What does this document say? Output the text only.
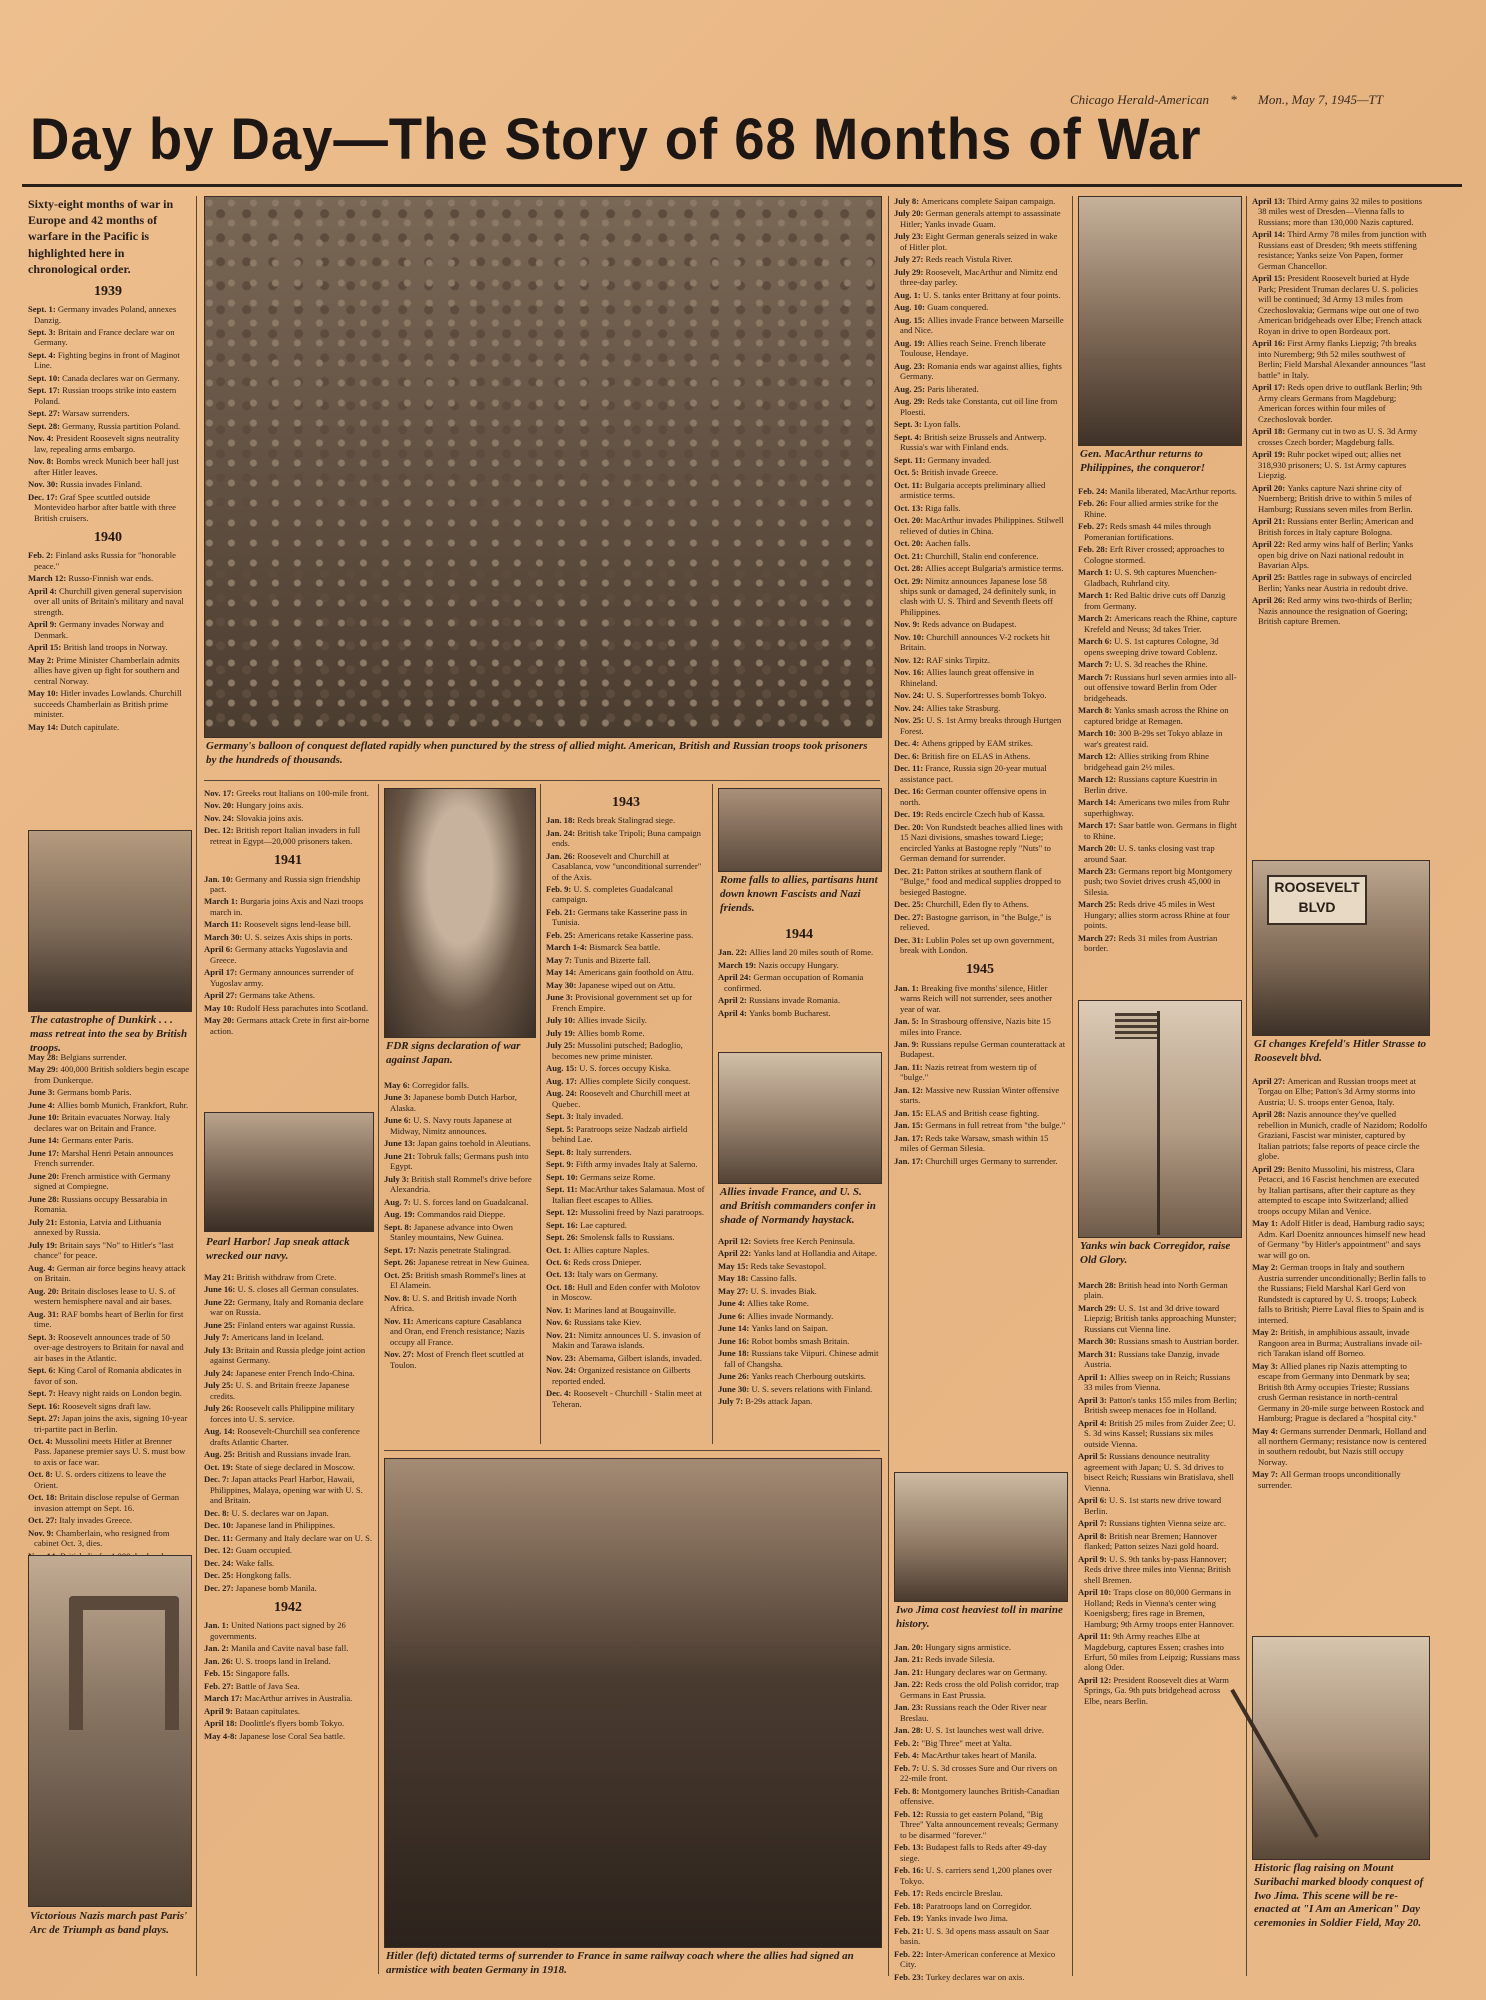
Chicago Herald-American * Mon., May 7, 1945—TT
Day by Day—The Story of 68 Months of War
Sixty-eight months of war in Europe and 42 months of warfare in the Pacific is highlighted here in chronological order.
1939

Sept. 1: Germany invades Poland, annexes Danzig.

Sept. 3: Britain and France declare war on Germany.

Sept. 4: Fighting begins in front of Maginot Line.

Sept. 10: Canada declares war on Germany.

Sept. 17: Russian troops strike into eastern Poland.

Sept. 27: Warsaw surrenders.

Sept. 28: Germany, Russia partition Poland.

Nov. 4: President Roosevelt signs neutrality law, repealing arms embargo.

Nov. 8: Bombs wreck Munich beer hall just after Hitler leaves.

Nov. 30: Russia invades Finland.

Dec. 17: Graf Spee scuttled outside Montevideo harbor after battle with three British cruisers.

1940

Feb. 2: Finland asks Russia for "honorable peace."

March 12: Russo-Finnish war ends.

April 4: Churchill given general supervision over all units of Britain's military and naval strength.

April 9: Germany invades Norway and Denmark.

April 15: British land troops in Norway.

May 2: Prime Minister Chamberlain admits allies have given up fight for southern and central Norway.

May 10: Hitler invades Lowlands. Churchill succeeds Chamberlain as British prime minister.

May 14: Dutch capitulate.

The catastrophe of Dunkirk . . . mass retreat into the sea by British troops.

May 28: Belgians surrender.

May 29: 400,000 British soldiers begin escape from Dunkerque.

June 3: Germans bomb Paris.

June 4: Allies bomb Munich, Frankfort, Ruhr.

June 10: Britain evacuates Norway. Italy declares war on Britain and France.

June 14: Germans enter Paris.

June 17: Marshal Henri Petain announces French surrender.

June 20: French armistice with Germany signed at Compiegne.

June 28: Russians occupy Bessarabia in Romania.

July 21: Estonia, Latvia and Lithuania annexed by Russia.

July 19: Britain says "No" to Hitler's "last chance" for peace.

Aug. 4: German air force begins heavy attack on Britain.

Aug. 20: Britain discloses lease to U. S. of western hemisphere naval and air bases.

Aug. 31: RAF bombs heart of Berlin for first time.

Sept. 3: Roosevelt announces trade of 50 over-age destroyers to Britain for naval and air bases in the Atlantic.

Sept. 6: King Carol of Romania abdicates in favor of son.

Sept. 7: Heavy night raids on London begin.

Sept. 16: Roosevelt signs draft law.

Sept. 27: Japan joins the axis, signing 10-year tri-partite pact in Berlin.

Oct. 4: Mussolini meets Hitler at Brenner Pass. Japanese premier says U. S. must bow to axis or face war.

Oct. 8: U. S. orders citizens to leave the Orient.

Oct. 18: Britain disclose repulse of German invasion attempt on Sept. 16.

Oct. 27: Italy invades Greece.

Nov. 9: Chamberlain, who resigned from cabinet Oct. 3, dies.

Victorious Nazis march past Paris' Arc de Triumph as band plays.
Germany's balloon of conquest deflated rapidly when punctured by the stress of allied might. American, British and Russian troops took prisoners by the hundreds of thousands.

Nov. 17: Greeks rout Italians on 100-mile front.

Nov. 20: Hungary joins axis.

Nov. 24: Slovakia joins axis.

Dec. 12: British report Italian invaders in full retreat in Egypt—20,000 prisoners taken.

1941

Jan. 10: Germany and Russia sign friendship pact.

March 1: Burgaria joins Axis and Nazi troops march in.

March 11: Roosevelt signs lend-lease bill.

March 30: U. S. seizes Axis ships in ports.

April 6: Germany attacks Yugoslavia and Greece.

April 17: Germany announces surrender of Yugoslav army.

April 27: Germans take Athens.

May 10: Rudolf Hess parachutes into Scotland.

May 20: Germans attack Crete in first air-borne action.

Pearl Harbor! Jap sneak attack wrecked our navy.

May 21: British withdraw from Crete.

June 16: U. S. closes all German consulates.

June 22: Germany, Italy and Romania declare war on Russia.

June 25: Finland enters war against Russia.

July 7: Americans land in Iceland.

July 13: Britain and Russia pledge joint action against Germany.

July 24: Japanese enter French Indo-China.

July 25: U. S. and Britain freeze Japanese credits.

July 26: Roosevelt calls Philippine military forces into U. S. service.

Aug. 14: Roosevelt-Churchill sea conference drafts Atlantic Charter.

Aug. 25: British and Russians invade Iran.

Oct. 19: State of siege declared in Moscow.

Dec. 7: Japan attacks Pearl Harbor, Hawaii, Philippines, Malaya, opening war with U. S. and Britain.

Dec. 8: U. S. declares war on Japan.

Dec. 10: Japanese land in Philippines.

Dec. 11: Germany and Italy declare war on U. S.

Dec. 12: Guam occupied.

Dec. 24: Wake falls.

Dec. 25: Hongkong falls.

Dec. 27: Japanese bomb Manila.

1942

Jan. 1: United Nations pact signed by 26 governments.

Jan. 2: Manila and Cavite naval base fall.

Jan. 26: U. S. troops land in Ireland.

Feb. 15: Singapore falls.

Feb. 27: Battle of Java Sea.

March 17: MacArthur arrives in Australia.

April 9: Bataan capitulates.

April 18: Doolittle's flyers bomb Tokyo.

May 4-8: Japanese lose Coral Sea battle.

FDR signs declaration of war against Japan.

May 6: Corregidor falls.

June 3: Japanese bomb Dutch Harbor, Alaska.

June 6: U. S. Navy routs Japanese at Midway, Nimitz announces.

June 13: Japan gains toehold in Aleutians.

June 21: Tobruk falls; Germans push into Egypt.

July 3: British stall Rommel's drive before Alexandria.

Aug. 7: U. S. forces land on Guadalcanal.

Aug. 19: Commandos raid Dieppe.

Sept. 8: Japanese advance into Owen Stanley mountains, New Guinea.

Sept. 17: Nazis penetrate Stalingrad.

Sept. 26: Japanese retreat in New Guinea.

Oct. 25: British smash Rommel's lines at El Alamein.

Nov. 8: U. S. and British invade North Africa.

Nov. 11: Americans capture Casablanca and Oran, end French resistance; Nazis occupy all France.

Nov. 27: Most of French fleet scuttled at Toulon.

1943

Jan. 18: Reds break Stalingrad siege.

Jan. 24: British take Tripoli; Buna campaign ends.

Jan. 26: Roosevelt and Churchill at Casablanca, vow "unconditional surrender" of the Axis.

Feb. 9: U. S. completes Guadalcanal campaign.

Feb. 21: Germans take Kasserine pass in Tunisia.

Feb. 25: Americans retake Kasserine pass.

March 1-4: Bismarck Sea battle.

May 7: Tunis and Bizerte fall.

May 14: Americans gain foothold on Attu.

May 30: Japanese wiped out on Attu.

June 3: Provisional government set up for French Empire.

July 10: Allies invade Sicily.

July 19: Allies bomb Rome.

July 25: Mussolini putsched; Badoglio, becomes new prime minister.

Aug. 15: U. S. forces occupy Kiska.

Aug. 17: Allies complete Sicily conquest.

Aug. 24: Roosevelt and Churchill meet at Quebec.

Sept. 3: Italy invaded.

Sept. 5: Paratroops seize Nadzab airfield behind Lae.

Sept. 8: Italy surrenders.

Sept. 9: Fifth army invades Italy at Salerno.

Sept. 10: Germans seize Rome.

Sept. 11: MacArthur takes Salamaua. Most of Italian fleet escapes to Allies.

Sept. 12: Mussolini freed by Nazi paratroops.

Sept. 16: Lae captured.

Sept. 26: Smolensk falls to Russians.

Oct. 1: Allies capture Naples.

Oct. 6: Reds cross Dnieper.

Oct. 13: Italy wars on Germany.

Oct. 18: Hull and Eden confer with Molotov in Moscow.

Nov. 1: Marines land at Bougainville.

Nov. 6: Russians take Kiev.

Nov. 21: Nimitz announces U. S. invasion of Makin and Tarawa islands.

Nov. 23: Abemama, Gilbert islands, invaded.

Nov. 24: Organized resistance on Gilberts reported ended.

Dec. 4: Roosevelt - Churchill - Stalin meet at Teheran.

Rome falls to allies, partisans hunt down known Fascists and Nazi friends.
1944

Jan. 22: Allies land 20 miles south of Rome.

March 19: Nazis occupy Hungary.

April 24: German occupation of Romania confirmed.

April 2: Russians invade Romania.

April 4: Yanks bomb Bucharest.

Allies invade France, and U. S. and British commanders confer in shade of Normandy haystack.

April 12: Soviets free Kerch Peninsula.

April 22: Yanks land at Hollandia and Aitape.

May 15: Reds take Sevastopol.

May 18: Cassino falls.

May 27: U. S. invades Biak.

June 4: Allies take Rome.

June 6: Allies invade Normandy.

June 14: Yanks land on Saipan.

June 16: Robot bombs smash Britain.

June 18: Russians take Viipuri. Chinese admit fall of Changsha.

June 26: Yanks reach Cherbourg outskirts.

June 30: U. S. severs relations with Finland.

July 7: B-29s attack Japan.

Hitler (left) dictated terms of surrender to France in same railway coach where the allies had signed an armistice with beaten Germany in 1918.

July 8: Americans complete Saipan campaign.

July 20: German generals attempt to assassinate Hitler; Yanks invade Guam.

July 23: Eight German generals seized in wake of Hitler plot.

July 27: Reds reach Vistula River.

July 29: Roosevelt, MacArthur and Nimitz end three-day parley.

Aug. 1: U. S. tanks enter Brittany at four points.

Aug. 10: Guam conquered.

Aug. 15: Allies invade France between Marseille and Nice.

Aug. 19: Allies reach Seine. French liberate Toulouse, Hendaye.

Aug. 23: Romania ends war against allies, fights Germany.

Aug. 25: Paris liberated.

Aug. 29: Reds take Constanta, cut oil line from Ploesti.

Sept. 3: Lyon falls.

Sept. 4: British seize Brussels and Antwerp. Russia's war with Finland ends.

Sept. 11: Germany invaded.

Oct. 5: British invade Greece.

Oct. 11: Bulgaria accepts preliminary allied armistice terms.

Oct. 13: Riga falls.

Oct. 20: MacArthur invades Philippines. Stilwell relieved of duties in China.

Oct. 20: Aachen falls.

Oct. 21: Churchill, Stalin end conference.

Oct. 28: Allies accept Bulgaria's armistice terms.

Oct. 29: Nimitz announces Japanese lose 58 ships sunk or damaged, 24 definitely sunk, in clash with U. S. Third and Seventh fleets off Philippines.

Nov. 9: Reds advance on Budapest.

Nov. 10: Churchill announces V-2 rockets hit Britain.

Nov. 12: RAF sinks Tirpitz.

Nov. 16: Allies launch great offensive in Rhineland.

Nov. 24: U. S. Superfortresses bomb Tokyo.

Nov. 24: Allies take Strasburg.

Nov. 25: U. S. 1st Army breaks through Hurtgen Forest.

Dec. 4: Athens gripped by EAM strikes.

Dec. 6: British fire on ELAS in Athens.

Dec. 11: France, Russia sign 20-year mutual assistance pact.

Dec. 16: German counter offensive opens in north.

Dec. 19: Reds encircle Czech hub of Kassa.

Dec. 20: Von Rundstedt beaches allied lines with 15 Nazi divisions, smashes toward Liege; encircled Yanks at Bastogne reply "Nuts" to German demand for surrender.

Dec. 21: Patton strikes at southern flank of "Bulge," food and medical supplies dropped to besieged Bastogne.

Dec. 25: Churchill, Eden fly to Athens.

Dec. 27: Bastogne garrison, in "the Bulge," is relieved.

Dec. 31: Lublin Poles set up own government, break with London.

1945

Jan. 1: Breaking five months' silence, Hitler warns Reich will not surrender, sees another year of war.

Jan. 5: In Strasbourg offensive, Nazis bite 15 miles into France.

Jan. 9: Russians repulse German counterattack at Budapest.

Jan. 11: Nazis retreat from western tip of "bulge."

Jan. 12: Massive new Russian Winter offensive starts.

Jan. 15: ELAS and British cease fighting.

Jan. 15: Germans in full retreat from "the bulge."

Jan. 17: Reds take Warsaw, smash within 15 miles of German Silesia.

Jan. 17: Churchill urges Germany to surrender.

Iwo Jima cost heaviest toll in marine history.

Jan. 20: Hungary signs armistice.

Jan. 21: Reds invade Silesia.

Jan. 21: Hungary declares war on Germany.

Jan. 22: Reds cross the old Polish corridor, trap Germans in East Prussia.

Jan. 23: Russians reach the Oder River near Breslau.

Jan. 28: U. S. 1st launches west wall drive.

Feb. 2: "Big Three" meet at Yalta.

Feb. 4: MacArthur takes heart of Manila.

Feb. 7: U. S. 3d crosses Sure and Our rivers on 22-mile front.

Feb. 8: Montgomery launches British-Canadian offensive.

Feb. 12: Russia to get eastern Poland, "Big Three" Yalta announcement reveals; Germany to be disarmed "forever."

Feb. 13: Budapest falls to Reds after 49-day siege.

Feb. 16: U. S. carriers send 1,200 planes over Tokyo.

Feb. 17: Reds encircle Breslau.

Feb. 18: Paratroops land on Corregidor.

Feb. 19: Yanks invade Iwo Jima.

Feb. 21: U. S. 3d opens mass assault on Saar basin.

Feb. 22: Inter-American conference at Mexico City.

Feb. 23: Turkey declares war on axis.

Gen. MacArthur returns to Philippines, the conqueror!

Feb. 24: Manila liberated, MacArthur reports.

Feb. 26: Four allied armies strike for the Rhine.

Feb. 27: Reds smash 44 miles through Pomeranian fortifications.

Feb. 28: Erft River crossed; approaches to Cologne stormed.

March 1: U. S. 9th captures Muenchen-Gladbach, Ruhrland city.

March 1: Red Baltic drive cuts off Danzig from Germany.

March 2: Americans reach the Rhine, capture Krefeld and Neuss; 3d takes Trier.

March 6: U. S. 1st captures Cologne, 3d opens sweeping drive toward Coblenz.

March 7: U. S. 3d reaches the Rhine.

March 7: Russians hurl seven armies into all-out offensive toward Berlin from Oder bridgeheads.

March 8: Yanks smash across the Rhine on captured bridge at Remagen.

March 10: 300 B-29s set Tokyo ablaze in war's greatest raid.

March 12: Allies striking from Rhine bridgehead gain 2½ miles.

March 12: Russians capture Kuestrin in Berlin drive.

March 14: Americans two miles from Ruhr superhighway.

March 17: Saar battle won. Germans in flight to Rhine.

March 20: U. S. tanks closing vast trap around Saar.

March 23: Germans report big Montgomery push; two Soviet drives crush 45,000 in Silesia.

March 25: Reds drive 45 miles in West Hungary; allies storm across Rhine at four points.

March 27: Reds 31 miles from Austrian border.

Yanks win back Corregidor, raise Old Glory.

March 28: British head into North German plain.

March 29: U. S. 1st and 3d drive toward Liepzig; British tanks approaching Munster; Russians cut Vienna line.

March 30: Russians smash to Austrian border.

March 31: Russians take Danzig, invade Austria.

April 1: Allies sweep on in Reich; Russians 33 miles from Vienna.

April 3: Patton's tanks 155 miles from Berlin; British sweep menaces foe in Holland.

April 4: British 25 miles from Zuider Zee; U. S. 3d wins Kassel; Russians six miles outside Vienna.

April 5: Russians denounce neutrality agreement with Japan; U. S. 3d drives to bisect Reich; Russians win Bratislava, shell Vienna.

April 6: U. S. 1st starts new drive toward Berlin.

April 7: Russians tighten Vienna seize arc.

April 8: British near Bremen; Hannover flanked; Patton seizes Nazi gold hoard.

April 9: U. S. 9th tanks by-pass Hannover; Reds drive three miles into Vienna; British shell Bremen.

April 10: Traps close on 80,000 Germans in Holland; Reds in Vienna's center wing Koenigsberg; fires rage in Bremen, Hamburg; 9th Army troops enter Hannover.

April 11: 9th Army reaches Elbe at Magdeburg, captures Essen; crashes into Erfurt, 50 miles from Leipzig; Russians mass along Oder.

April 12: President Roosevelt dies at Warm Springs, Ga. 9th puts bridgehead across Elbe, nears Berlin.

April 13: Third Army gains 32 miles to positions 38 miles west of Dresden—Vienna falls to Russians; more than 130,000 Nazis captured.

April 14: Third Army 78 miles from junction with Russians east of Dresden; 9th meets stiffening resistance; Yanks seize Von Papen, former German Chancellor.

April 15: President Roosevelt buried at Hyde Park; President Truman declares U. S. policies will be continued; 3d Army 13 miles from Czechoslovakia; Germans wipe out one of two American bridgeheads over Elbe; French attack Royan in drive to open Bordeaux port.

April 16: First Army flanks Liepzig; 7th breaks into Nuremberg; 9th 52 miles southwest of Berlin; Field Marshal Alexander announces "last battle" in Italy.

April 17: Reds open drive to outflank Berlin; 9th Army clears Germans from Magdeburg; American forces within four miles of Czechoslovak border.

April 18: Germany cut in two as U. S. 3d Army crosses Czech border; Magdeburg falls.

April 19: Ruhr pocket wiped out; allies net 318,930 prisoners; U. S. 1st Army captures Liepzig.

April 20: Yanks capture Nazi shrine city of Nuernberg; British drive to within 5 miles of Hamburg; Russians seven miles from Berlin.

April 21: Russians enter Berlin; American and British forces in Italy capture Bologna.

April 22: Red army wins half of Berlin; Yanks open big drive on Nazi national redoubt in Bavarian Alps.

April 25: Battles rage in subways of encircled Berlin; Yanks near Austria in redoubt drive.

April 26: Red army wins two-thirds of Berlin; Nazis announce the resignation of Goering; British capture Bremen.

ROOSEVELT BLVD
GI changes Krefeld's Hitler Strasse to Roosevelt blvd.

April 27: American and Russian troops meet at Torgau on Elbe; Patton's 3d Army storms into Austria; U. S. troops enter Genoa, Italy.

April 28: Nazis announce they've quelled rebellion in Munich, cradle of Nazidom; Rodolfo Graziani, Fascist war minister, captured by Italian patriots; false reports of peace circle the globe.

April 29: Benito Mussolini, his mistress, Clara Petacci, and 16 Fascist henchmen are executed by Italian partisans, after their capture as they attempted to escape into Switzerland; allied troops occupy Milan and Venice.

May 1: Adolf Hitler is dead, Hamburg radio says; Adm. Karl Doenitz announces himself new head of Germany "by Hitler's appointment" and says war will go on.

May 2: German troops in Italy and southern Austria surrender unconditionally; Berlin falls to the Russians; Field Marshal Karl Gerd von Rundstedt is captured by U. S. troops; Lubeck falls to British; Pierre Laval flies to Spain and is interned.

May 2: British, in amphibious assault, invade Rangoon area in Burma; Australians invade oil-rich Tarakan island off Borneo.

May 3: Allied planes rip Nazis attempting to escape from Germany into Denmark by sea; British 8th Army occupies Trieste; Russians crush German resistance in north-central Germany in 20-mile surge between Rostock and Hamburg; Prague is declared a "hospital city."

May 4: Germans surrender Denmark, Holland and all northern Germany; resistance now is centered in southern redoubt, but Nazis still occupy Norway.

May 7: All German troops unconditionally surrender.

Historic flag raising on Mount Suribachi marked bloody conquest of Iwo Jima. This scene will be re-enacted at "I Am an American" Day ceremonies in Soldier Field, May 20.
